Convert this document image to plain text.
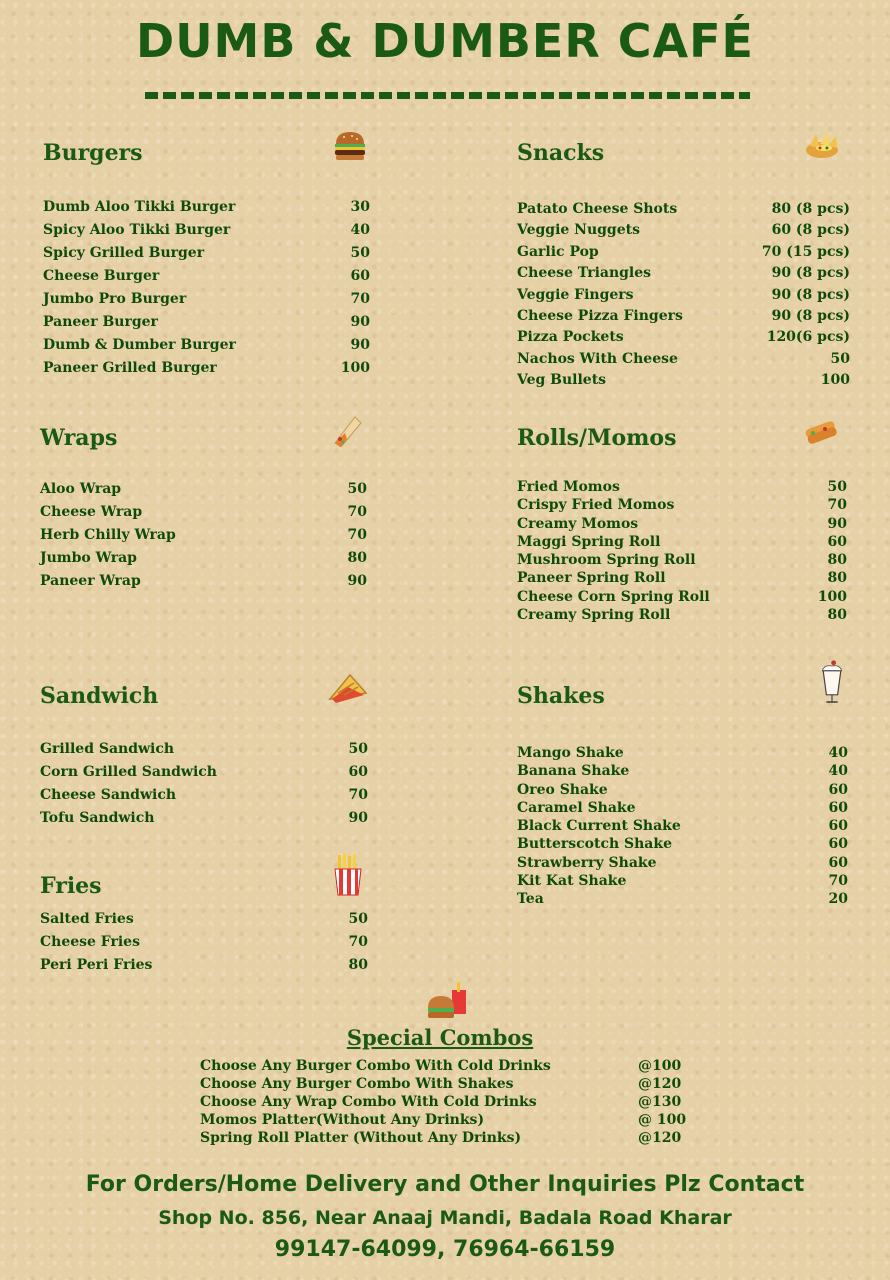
DUMB & DUMBER CAFÉ
Burgers
Dumb Aloo Tikki Burger	30
Spicy Aloo Tikki Burger	40
Spicy Grilled Burger	50
Cheese Burger	60
Jumbo Pro Burger	70
Paneer Burger	90
Dumb & Dumber Burger	90
Paneer Grilled Burger	100
Snacks
Patato Cheese Shots	80 (8 pcs)
Veggie Nuggets	60 (8 pcs)
Garlic Pop	70 (15 pcs)
Cheese Triangles	90 (8 pcs)
Veggie Fingers	90 (8 pcs)
Cheese Pizza Fingers	90 (8 pcs)
Pizza Pockets	120(6 pcs)
Nachos With Cheese	50
Veg Bullets	100
Wraps
Aloo Wrap	50
Cheese Wrap	70
Herb Chilly Wrap	70
Jumbo Wrap	80
Paneer Wrap	90
Rolls/Momos
Fried Momos	50
Crispy Fried Momos	70
Creamy Momos	90
Maggi Spring Roll	60
Mushroom Spring Roll	80
Paneer Spring Roll	80
Cheese Corn Spring Roll	100
Creamy Spring Roll	80
Sandwich
Grilled Sandwich	50
Corn Grilled Sandwich	60
Cheese Sandwich	70
Tofu Sandwich	90
Shakes
Mango Shake	40
Banana Shake	40
Oreo Shake	60
Caramel Shake	60
Black Current Shake	60
Butterscotch Shake	60
Strawberry Shake	60
Kit Kat Shake	70
Tea	20
Fries
Salted Fries	50
Cheese Fries	70
Peri Peri Fries	80
Special Combos
Choose Any Burger Combo With Cold Drinks	@100
Choose Any Burger Combo With Shakes	@120
Choose Any Wrap Combo With Cold Drinks	@130
Momos Platter(Without Any Drinks)	@ 100
Spring Roll Platter (Without Any Drinks)	@120
For Orders/Home Delivery and Other Inquiries Plz Contact
Shop No. 856, Near Anaaj Mandi, Badala Road Kharar
99147-64099, 76964-66159
